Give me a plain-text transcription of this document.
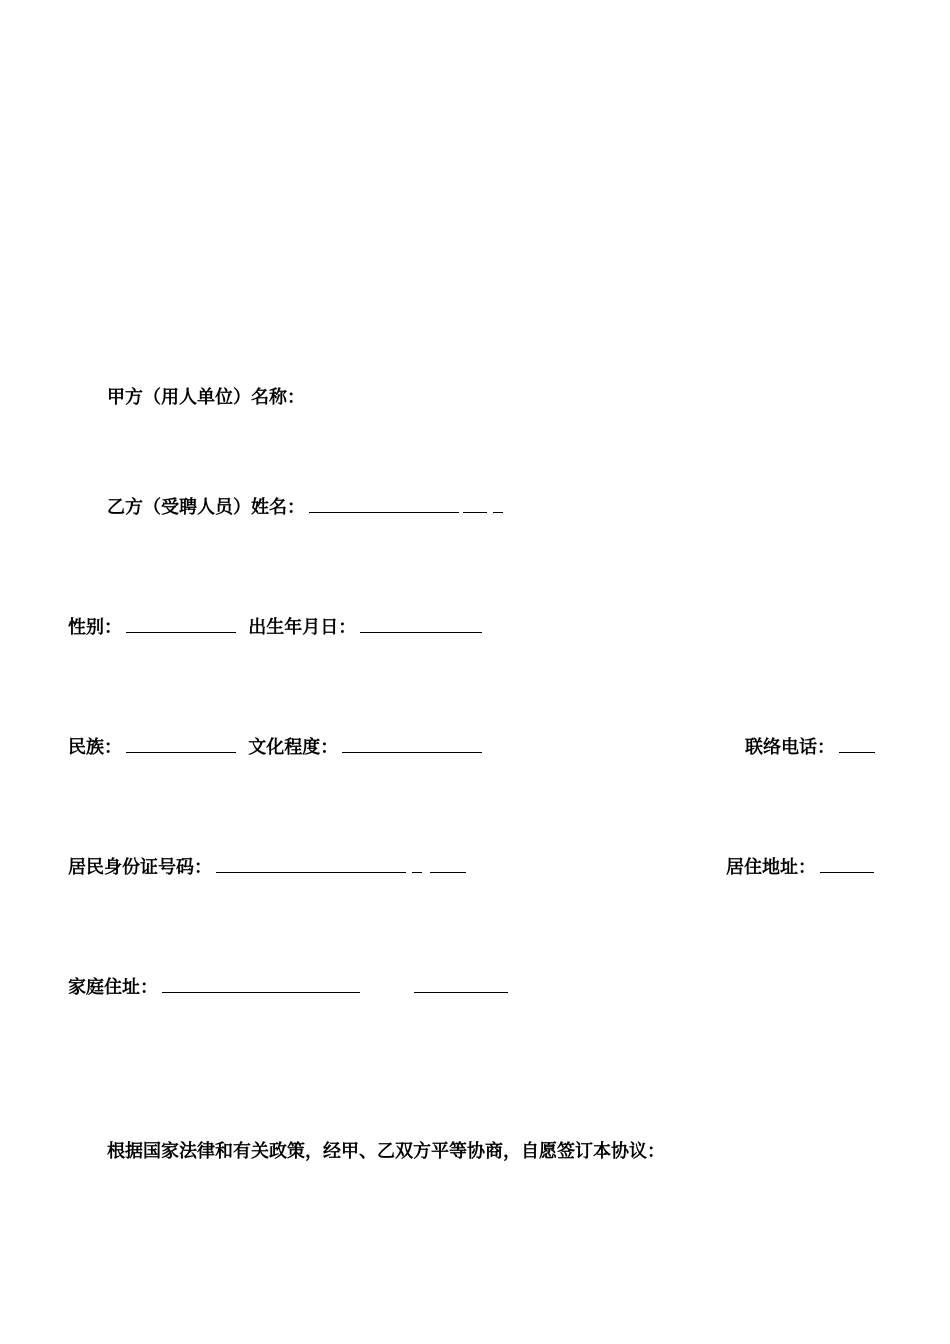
甲方（用人单位）名称：
乙方（受聘人员）姓名：
性别：	出生年月日：
民族：	文化程度：	联络电话：
居民身份证号码：	居住地址：
家庭住址：
根据国家法律和有关政策，经甲、乙双方平等协商，自愿签订本协议：
